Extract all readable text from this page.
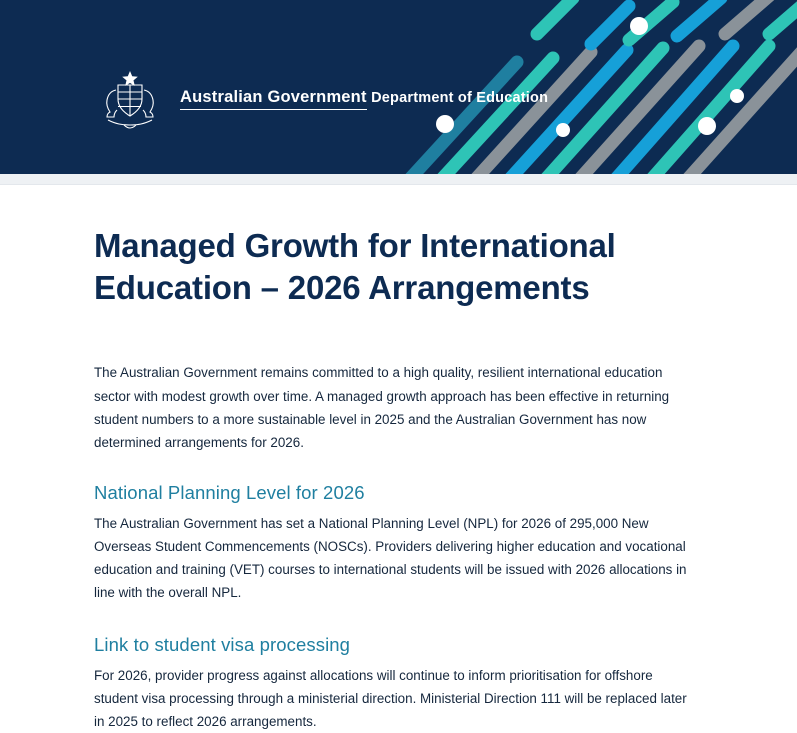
Australian Government Department of Education
Managed Growth for International Education – 2026 Arrangements

The Australian Government remains committed to a high quality, resilient international education sector with modest growth over time. A managed growth approach has been effective in returning student numbers to a more sustainable level in 2025 and the Australian Government has now determined arrangements for 2026.

National Planning Level for 2026

The Australian Government has set a National Planning Level (NPL) for 2026 of 295,000 New Overseas Student Commencements (NOSCs). Providers delivering higher education and vocational education and training (VET) courses to international students will be issued with 2026 allocations in line with the overall NPL.

Link to student visa processing

For 2026, provider progress against allocations will continue to inform prioritisation for offshore student visa processing through a ministerial direction. Ministerial Direction 111 will be replaced later in 2025 to reflect 2026 arrangements.
